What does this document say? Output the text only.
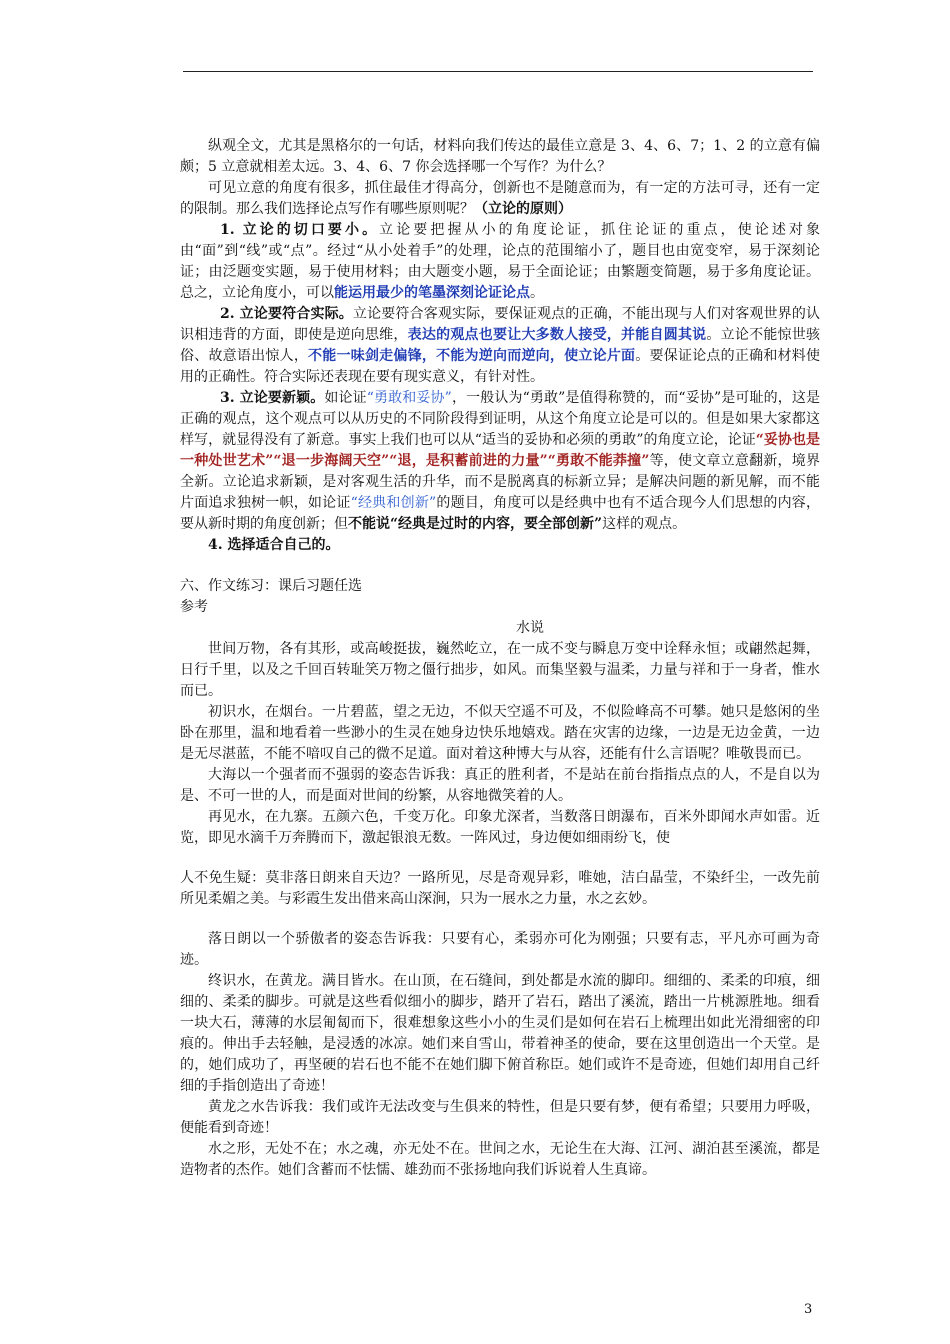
纵观全文，尤其是黑格尔的一句话，材料向我们传达的最佳立意是 3、4、6、7；1、2 的立意有偏颇；5 立意就相差太远。3、4、6、7 你会选择哪一个写作？为什么？

可见立意的角度有很多，抓住最佳才得高分，创新也不是随意而为，有一定的方法可寻，还有一定的限制。那么我们选择论点写作有哪些原则呢？（立论的原则）

1. 立论的切口要小。立论要把握从小的角度论证，抓住论证的重点，使论述对象由“面”到“线”或“点”。经过“从小处着手”的处理，论点的范围缩小了，题目也由宽变窄，易于深刻论证；由泛题变实题，易于使用材料；由大题变小题，易于全面论证；由繁题变简题，易于多角度论证。总之，立论角度小，可以能运用最少的笔墨深刻论证论点。

2. 立论要符合实际。立论要符合客观实际，要保证观点的正确，不能出现与人们对客观世界的认识相违背的方面，即使是逆向思维，表达的观点也要让大多数人接受，并能自圆其说。立论不能惊世骇俗、故意语出惊人，不能一味剑走偏锋，不能为逆向而逆向，使立论片面。要保证论点的正确和材料使用的正确性。符合实际还表现在要有现实意义，有针对性。

3. 立论要新颖。如论证“勇敢和妥协”，一般认为“勇敢”是值得称赞的，而“妥协”是可耻的，这是正确的观点，这个观点可以从历史的不同阶段得到证明，从这个角度立论是可以的。但是如果大家都这样写，就显得没有了新意。事实上我们也可以从“适当的妥协和必须的勇敢”的角度立论，论证“妥协也是一种处世艺术”“退一步海阔天空”“退，是积蓄前进的力量”“勇敢不能莽撞”等，使文章立意翻新，境界全新。立论追求新颖，是对客观生活的升华，而不是脱离真的标新立异；是解决问题的新见解，而不能片面追求独树一帜，如论证“经典和创新”的题目，角度可以是经典中也有不适合现今人们思想的内容，要从新时期的角度创新；但不能说“经典是过时的内容，要全部创新”这样的观点。

4. 选择适合自己的。

六、作文练习：课后习题任选

参考

水说

世间万物，各有其形，或高峻挺拔，巍然屹立，在一成不变与瞬息万变中诠释永恒；或翩然起舞，日行千里，以及之千回百转耻笑万物之僵行拙步，如风。而集坚毅与温柔，力量与祥和于一身者，惟水而已。

初识水，在烟台。一片碧蓝，望之无边，不似天空遥不可及，不似险峰高不可攀。她只是悠闲的坐卧在那里，温和地看着一些渺小的生灵在她身边快乐地嬉戏。踏在灾害的边缘，一边是无边金黄，一边是无尽湛蓝，不能不喑叹自己的微不足道。面对着这种博大与从容，还能有什么言语呢？唯敬畏而已。

大海以一个强者而不强弱的姿态告诉我：真正的胜利者，不是站在前台指指点点的人，不是自以为是、不可一世的人，而是面对世间的纷繁，从容地微笑着的人。

再见水，在九寨。五颜六色，千变万化。印象尤深者，当数落日朗瀑布，百米外即闻水声如雷。近览，即见水滴千万奔腾而下，激起银浪无数。一阵风过，身边便如细雨纷飞，使

人不免生疑：莫非落日朗来自天边？一路所见，尽是奇观异彩，唯她，洁白晶莹，不染纤尘，一改先前所见柔媚之美。与彩霞生发出借来高山深涧，只为一展水之力量，水之玄妙。

落日朗以一个骄傲者的姿态告诉我：只要有心，柔弱亦可化为刚强；只要有志，平凡亦可画为奇迹。

终识水，在黄龙。满目皆水。在山顶，在石缝间，到处都是水流的脚印。细细的、柔柔的印痕，细细的、柔柔的脚步。可就是这些看似细小的脚步，踏开了岩石，踏出了溪流，踏出一片桃源胜地。细看一块大石，薄薄的水层匍匐而下，很难想象这些小小的生灵们是如何在岩石上梳理出如此光滑细密的印痕的。伸出手去轻触，是浸透的冰凉。她们来自雪山，带着神圣的使命，要在这里创造出一个天堂。是的，她们成功了，再坚硬的岩石也不能不在她们脚下俯首称臣。她们或许不是奇迹，但她们却用自己纤细的手指创造出了奇迹！

黄龙之水告诉我：我们或许无法改变与生俱来的特性，但是只要有梦，便有希望；只要用力呼吸，便能看到奇迹！

水之形，无处不在；水之魂，亦无处不在。世间之水，无论生在大海、江河、湖泊甚至溪流，都是造物者的杰作。她们含蓄而不怯懦、雄劲而不张扬地向我们诉说着人生真谛。

3
